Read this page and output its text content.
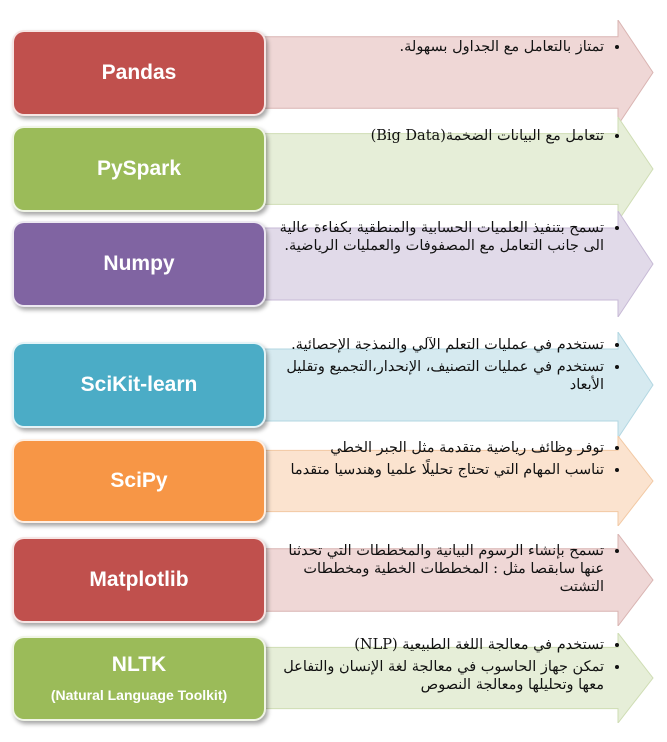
Pandas
• تمتاز بالتعامل مع الجداول بسهولة.
PySpark
• تتعامل مع البيانات الضخمة(Big Data)
Numpy
• تسمح بتنفيذ العلميات الحسابية والمنطقية بكفاءة عالية الى جانب التعامل مع المصفوفات والعمليات الرياضية.
SciKit-learn
• تستخدم في عمليات التعلم الآلي والنمذجة الإحصائية.
• تستخدم في عمليات التصنيف، الإنحدار،التجميع وتقليل الأبعاد
SciPy
• توفر وظائف رياضية متقدمة مثل الجبر الخطي
• تناسب المهام التي تحتاج تحليلًا علميا وهندسيا متقدما
Matplotlib
• تسمح بإنشاء الرسوم البيانية والمخططات التي تحدثنا عنها سابقصا مثل : المخططات الخطية ومخططات التشتت
NLTK
(Natural Language Toolkit)
• تستخدم في معالجة اللغة الطبيعية (NLP)
• تمكن جهاز الحاسوب في معالجة لغة الإنسان والتفاعل معها وتحليلها ومعالجة النصوص
